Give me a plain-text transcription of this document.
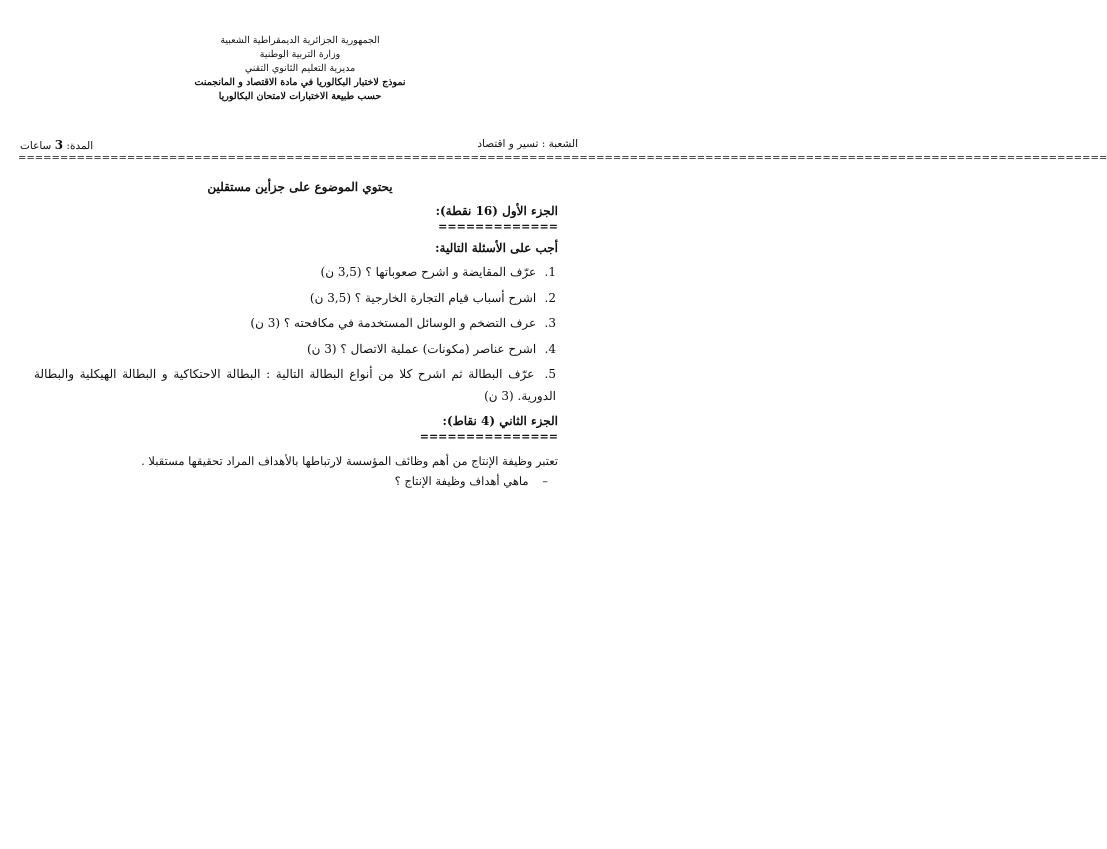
الجمهورية الجزائرية الديمقراطية الشعبية
وزارة التربية الوطنية
مديرية التعليم الثانوي التقني
نموذج لاختبار البكالوريا في مادة الاقتصاد و المانجمنت
حسب طبيعة الاختبارات لامتحان البكالوريا
الشعبة : تسير و اقتصاد
المدة: 3 ساعات
==================================================================================================================================
يحتوي الموضوع على جزأين مستقلين
الجزء الأول (16 نقطة):
=============
أجب على الأسئلة التالية:
1. عرّف المقايضة و اشرح صعوباتها ؟ (3,5 ن)
2. اشرح أسباب قيام التجارة الخارجية ؟ (3,5 ن)
3. عرف التضخم و الوسائل المستخدمة في مكافحته ؟ (3 ن)
4. اشرح عناصر (مكونات) عملية الاتصال ؟ (3 ن)
5. عرّف البطالة ثم اشرح كلا من أنواع البطالة التالية : البطالة الاحتكاكية و البطالة الهيكلية والبطالة الدورية. (3 ن)
الجزء الثاني (4 نقاط):
===============
تعتبر وظيفة الإنتاج من أهم وظائف المؤسسة لارتباطها بالأهداف المراد تحقيقها مستقبلا .
– ماهي أهداف وظيفة الإنتاج ؟
